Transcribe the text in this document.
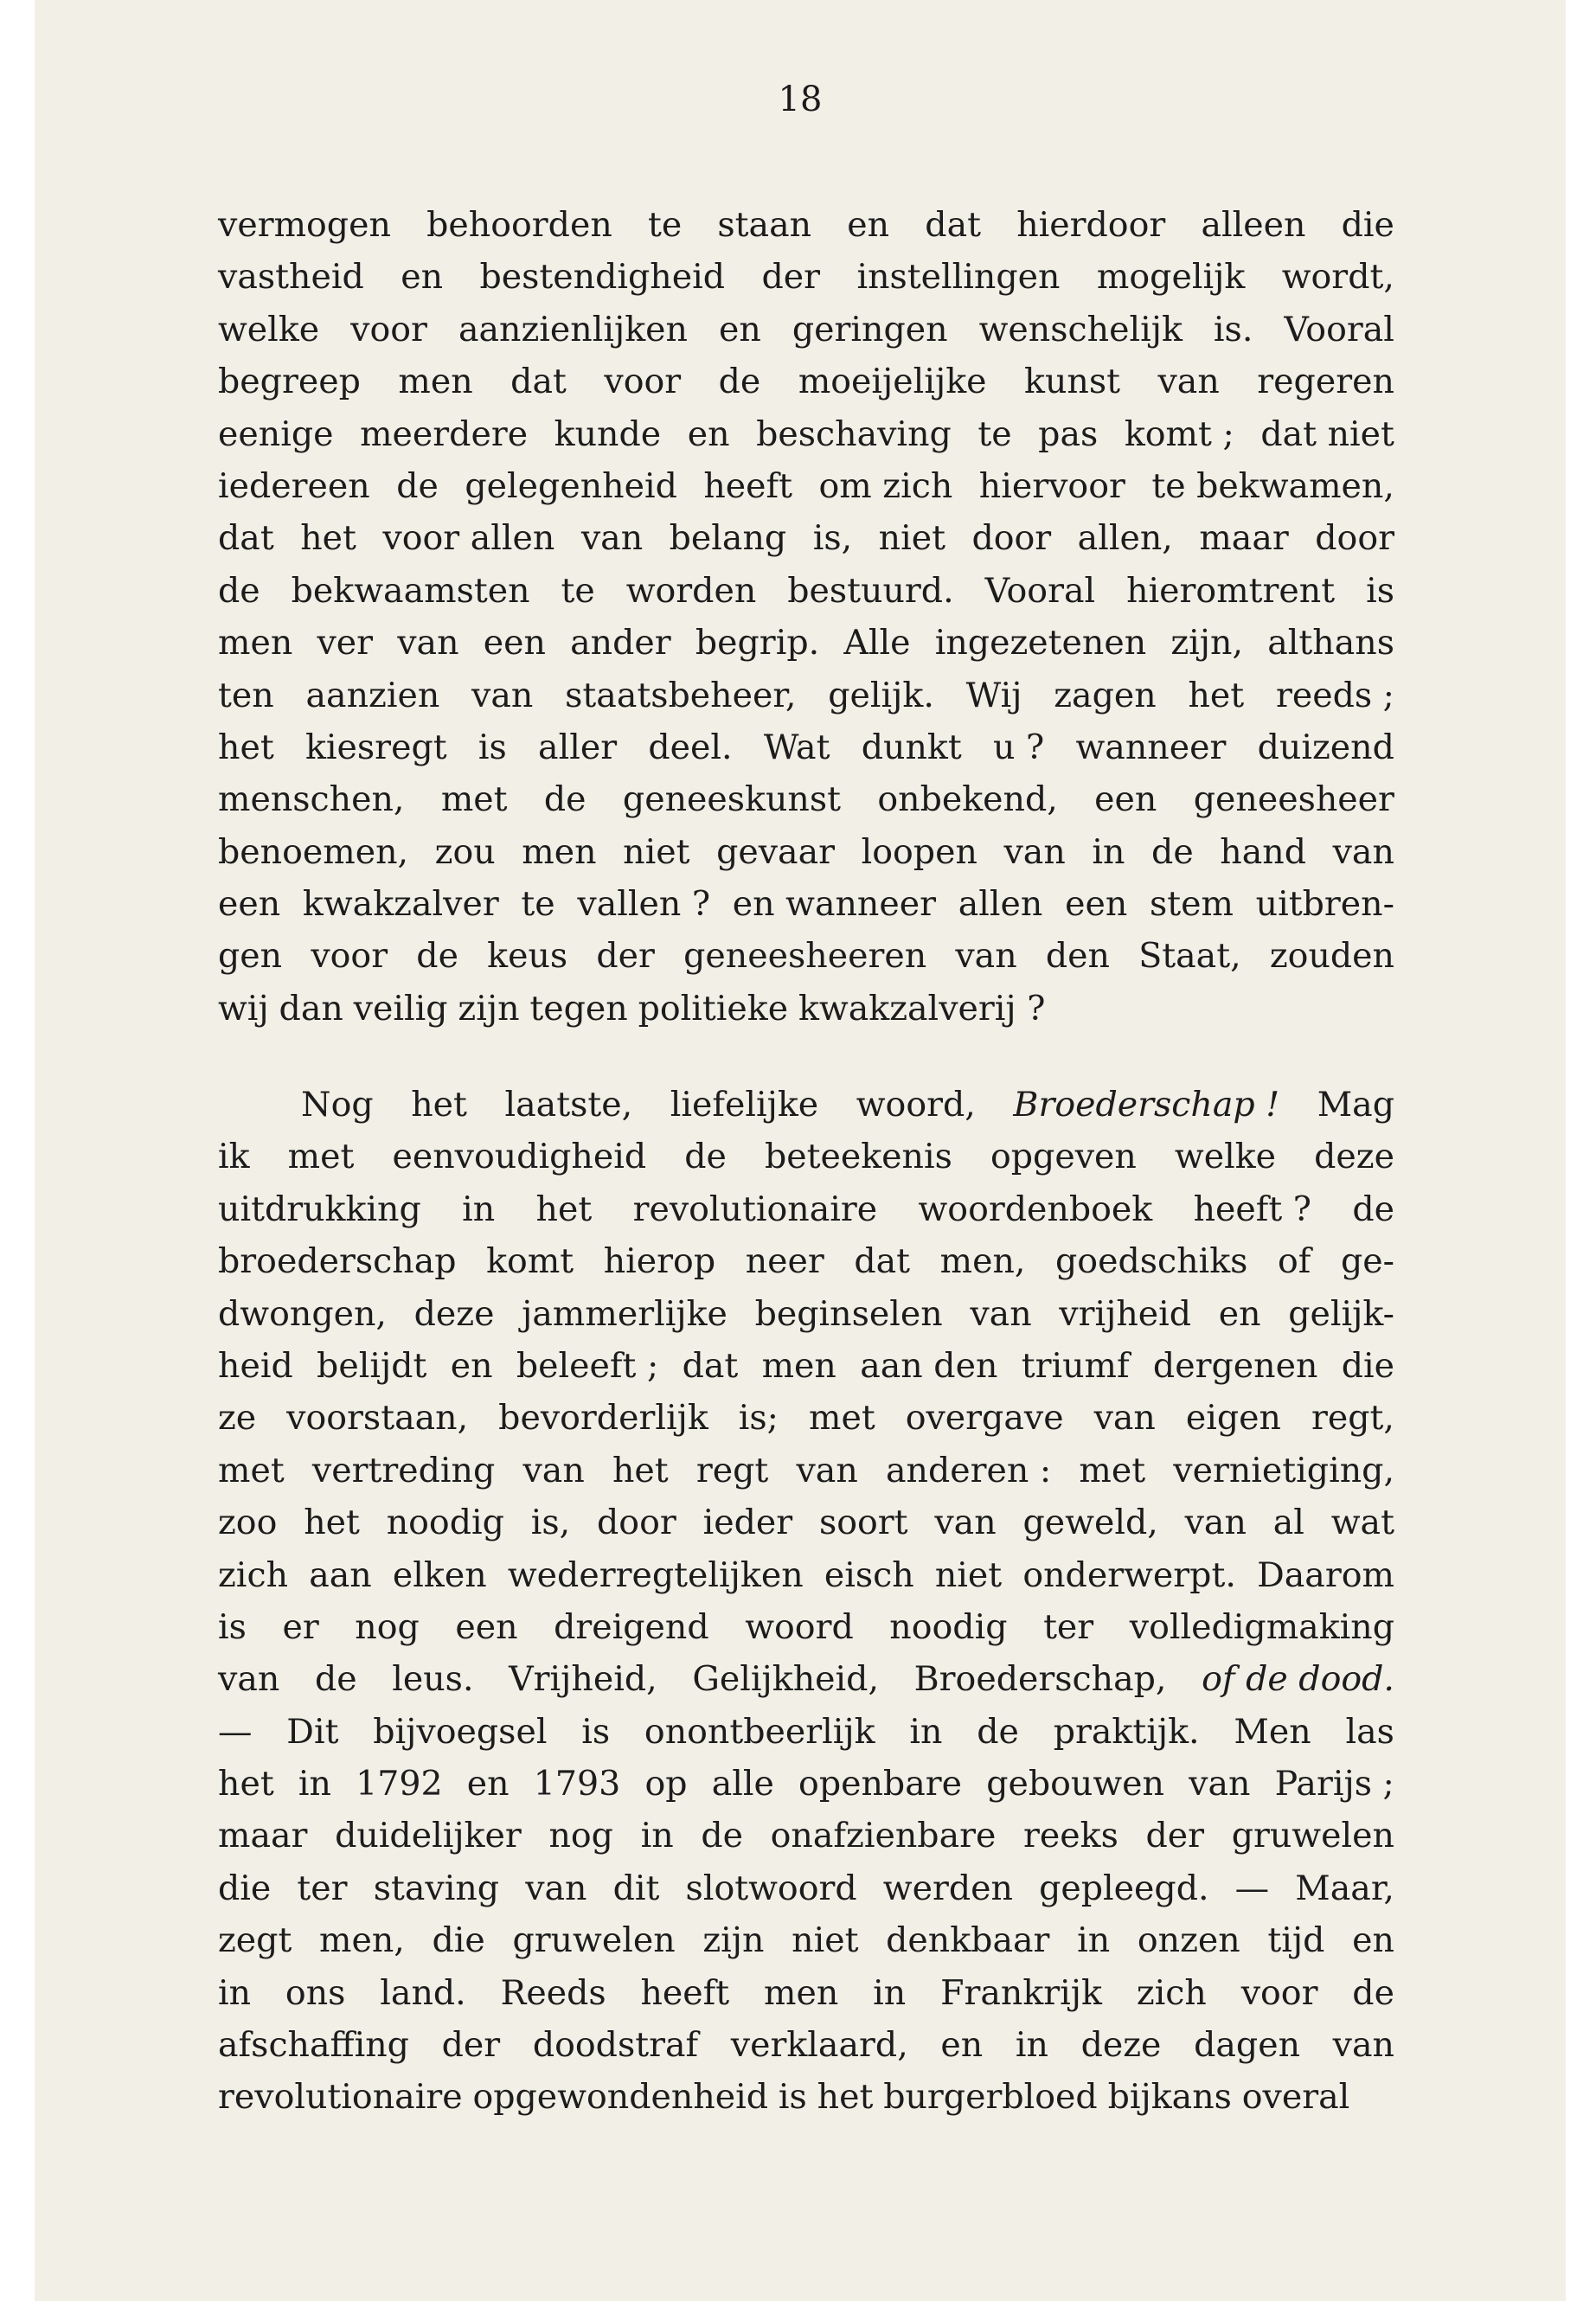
18
vermogen behoorden te staan en dat hierdoor alleen die
vastheid en bestendigheid der instellingen mogelijk wordt,
welke voor aanzienlijken en geringen wenschelijk is. Vooral
begreep men dat voor de moeijelijke kunst van regeren
eenige meerdere kunde en beschaving te pas komt ; dat niet
iedereen de gelegenheid heeft om zich hiervoor te bekwamen,
dat het voor allen van belang is, niet door allen, maar door
de bekwaamsten te worden bestuurd. Vooral hieromtrent is
men ver van een ander begrip. Alle ingezetenen zijn, althans
ten aanzien van staatsbeheer, gelijk. Wij zagen het reeds ;
het kiesregt is aller deel. Wat dunkt u ? wanneer duizend
menschen, met de geneeskunst onbekend, een geneesheer
benoemen, zou men niet gevaar loopen van in de hand van
een kwakzalver te vallen ? en wanneer allen een stem uitbren-
gen voor de keus der geneesheeren van den Staat, zouden
wij dan veilig zijn tegen politieke kwakzalverij ?
Nog het laatste, liefelijke woord, Broederschap ! Mag
ik met eenvoudigheid de beteekenis opgeven welke deze
uitdrukking in het revolutionaire woordenboek heeft ? de
broederschap komt hierop neer dat men, goedschiks of ge-
dwongen, deze jammerlijke beginselen van vrijheid en gelijk-
heid belijdt en beleeft ; dat men aan den triumf dergenen die
ze voorstaan, bevorderlijk is; met overgave van eigen regt,
met vertreding van het regt van anderen : met vernietiging,
zoo het noodig is, door ieder soort van geweld, van al wat
zich aan elken wederregtelijken eisch niet onderwerpt. Daarom
is er nog een dreigend woord noodig ter volledigmaking
van de leus. Vrijheid, Gelijkheid, Broederschap, of de dood.
— Dit bijvoegsel is onontbeerlijk in de praktijk. Men las
het in 1792 en 1793 op alle openbare gebouwen van Parijs ;
maar duidelijker nog in de onafzienbare reeks der gruwelen
die ter staving van dit slotwoord werden gepleegd. — Maar,
zegt men, die gruwelen zijn niet denkbaar in onzen tijd en
in ons land. Reeds heeft men in Frankrijk zich voor de
afschaffing der doodstraf verklaard, en in deze dagen van
revolutionaire opgewondenheid is het burgerbloed bijkans overal
